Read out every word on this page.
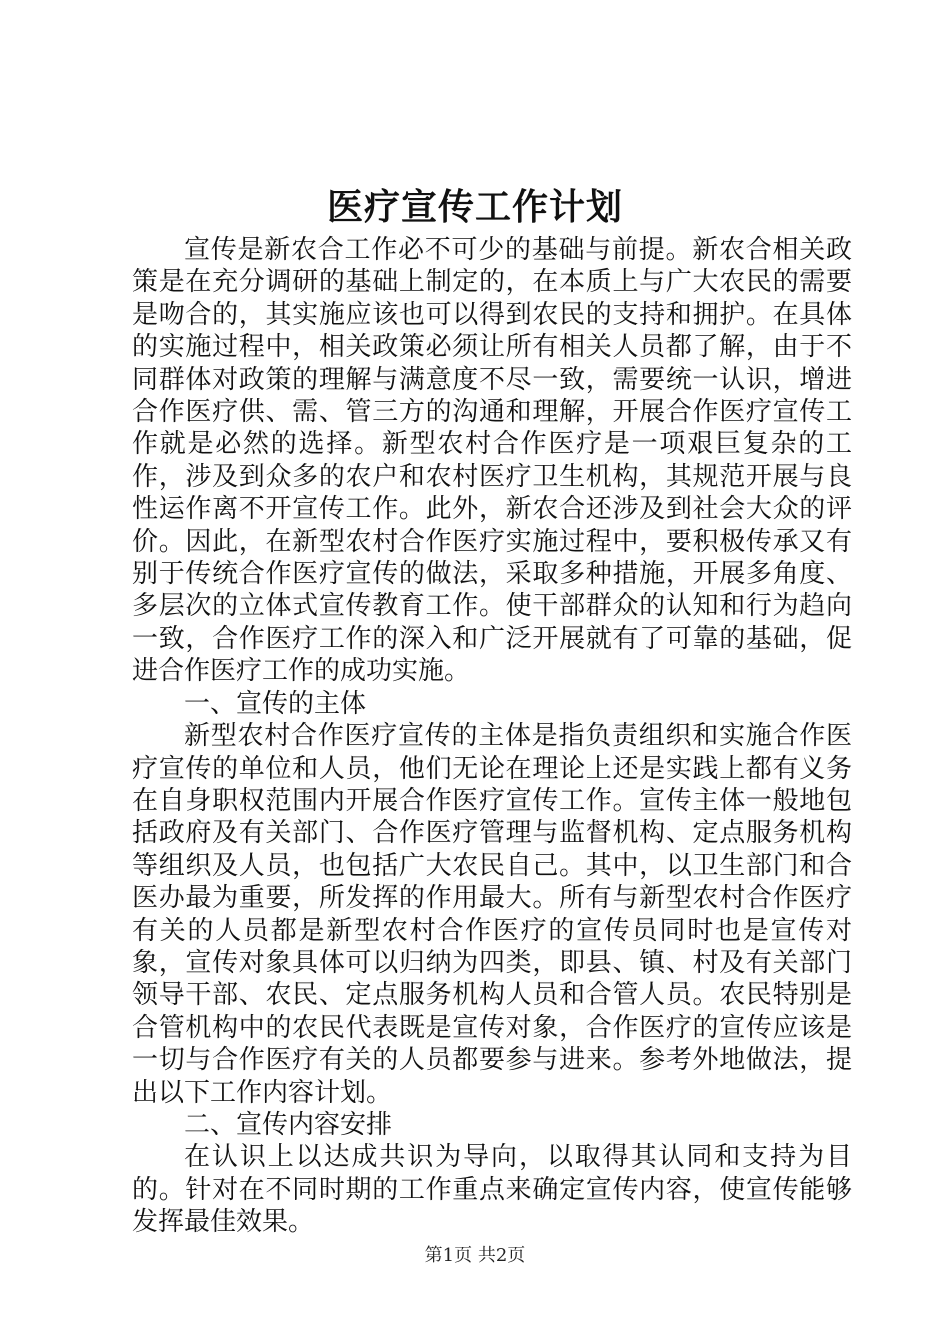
医疗宣传工作计划

宣传是新农合工作必不可少的基础与前提。新农合相关政策是在充分调研的基础上制定的，在本质上与广大农民的需要是吻合的，其实施应该也可以得到农民的支持和拥护。在具体的实施过程中，相关政策必须让所有相关人员都了解，由于不同群体对政策的理解与满意度不尽一致，需要统一认识，增进合作医疗供、需、管三方的沟通和理解，开展合作医疗宣传工作就是必然的选择。新型农村合作医疗是一项艰巨复杂的工作，涉及到众多的农户和农村医疗卫生机构，其规范开展与良性运作离不开宣传工作。此外，新农合还涉及到社会大众的评价。因此，在新型农村合作医疗实施过程中，要积极传承又有别于传统合作医疗宣传的做法，采取多种措施，开展多角度、多层次的立体式宣传教育工作。使干部群众的认知和行为趋向一致，合作医疗工作的深入和广泛开展就有了可靠的基础，促进合作医疗工作的成功实施。

一、宣传的主体

新型农村合作医疗宣传的主体是指负责组织和实施合作医疗宣传的单位和人员，他们无论在理论上还是实践上都有义务在自身职权范围内开展合作医疗宣传工作。宣传主体一般地包括政府及有关部门、合作医疗管理与监督机构、定点服务机构等组织及人员，也包括广大农民自己。其中，以卫生部门和合医办最为重要，所发挥的作用最大。所有与新型农村合作医疗有关的人员都是新型农村合作医疗的宣传员同时也是宣传对象，宣传对象具体可以归纳为四类，即县、镇、村及有关部门领导干部、农民、定点服务机构人员和合管人员。农民特别是合管机构中的农民代表既是宣传对象，合作医疗的宣传应该是一切与合作医疗有关的人员都要参与进来。参考外地做法，提出以下工作内容计划。

二、宣传内容安排

在认识上以达成共识为导向，以取得其认同和支持为目的。针对在不同时期的工作重点来确定宣传内容，使宣传能够发挥最佳效果。

第1页 共2页
